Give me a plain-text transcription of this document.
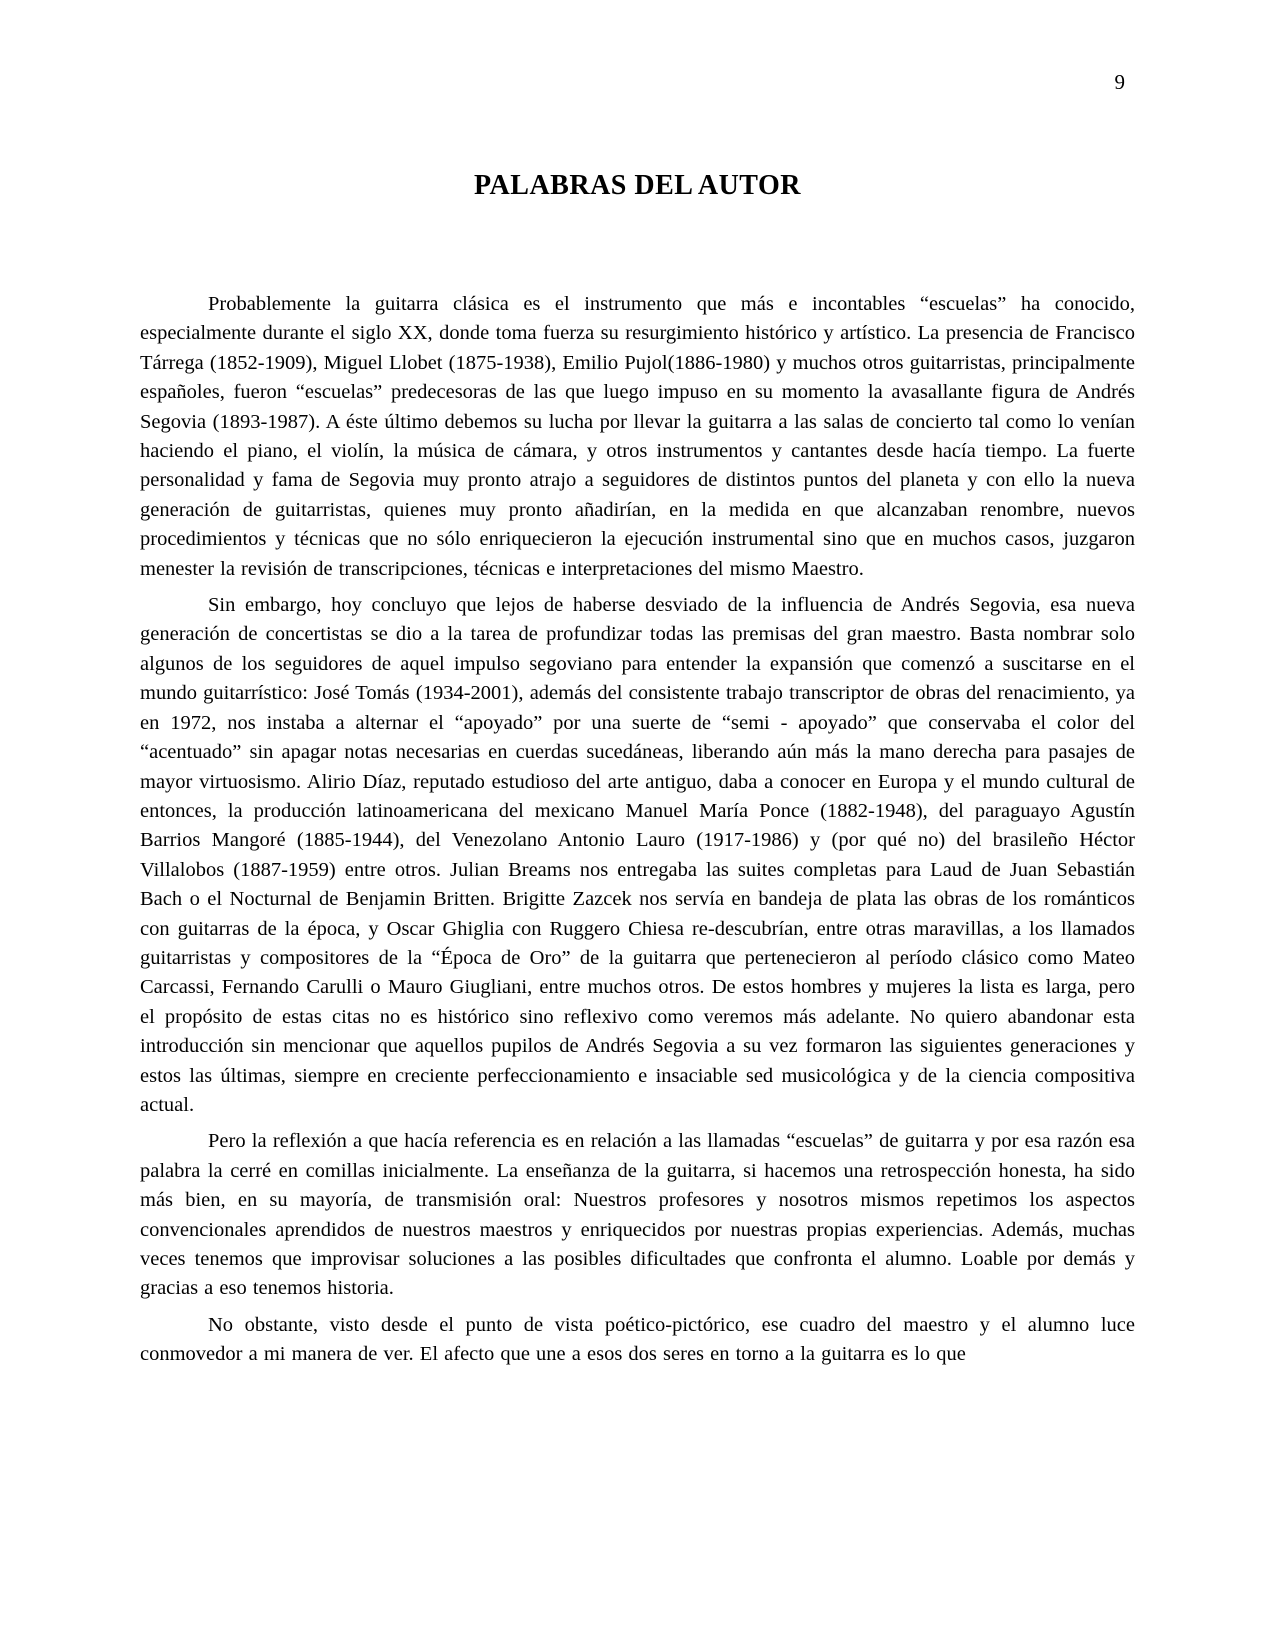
9
PALABRAS DEL AUTOR

Probablemente la guitarra clásica es el instrumento que más e incontables “escuelas” ha conocido, especialmente durante el siglo XX, donde toma fuerza su resurgimiento histórico y artístico. La presencia de Francisco Tárrega (1852-1909), Miguel Llobet (1875-1938), Emilio Pujol(1886-1980) y muchos otros guitarristas, principalmente españoles, fueron “escuelas” predecesoras de las que luego impuso en su momento la avasallante figura de Andrés Segovia (1893-1987). A éste último debemos su lucha por llevar la guitarra a las salas de concierto tal como lo venían haciendo el piano, el violín, la música de cámara, y otros instrumentos y cantantes desde hacía tiempo. La fuerte personalidad y fama de Segovia muy pronto atrajo a seguidores de distintos puntos del planeta y con ello la nueva generación de guitarristas, quienes muy pronto añadirían, en la medida en que alcanzaban renombre, nuevos procedimientos y técnicas que no sólo enriquecieron la ejecución instrumental sino que en muchos casos, juzgaron menester la revisión de transcripciones, técnicas e interpretaciones del mismo Maestro.

Sin embargo, hoy concluyo que lejos de haberse desviado de la influencia de Andrés Segovia, esa nueva generación de concertistas se dio a la tarea de profundizar todas las premisas del gran maestro. Basta nombrar solo algunos de los seguidores de aquel impulso segoviano para entender la expansión que comenzó a suscitarse en el mundo guitarrístico: José Tomás (1934-2001), además del consistente trabajo transcriptor de obras del renacimiento, ya en 1972, nos instaba a alternar el “apoyado” por una suerte de “semi - apoyado” que conservaba el color del “acentuado” sin apagar notas necesarias en cuerdas sucedáneas, liberando aún más la mano derecha para pasajes de mayor virtuosismo. Alirio Díaz, reputado estudioso del arte antiguo, daba a conocer en Europa y el mundo cultural de entonces, la producción latinoamericana del mexicano Manuel María Ponce (1882-1948), del paraguayo Agustín Barrios Mangoré (1885-1944), del Venezolano Antonio Lauro (1917-1986) y (por qué no) del brasileño Héctor Villalobos (1887-1959) entre otros. Julian Breams nos entregaba las suites completas para Laud de Juan Sebastián Bach o el Nocturnal de Benjamin Britten. Brigitte Zazcek nos servía en bandeja de plata las obras de los románticos con guitarras de la época, y Oscar Ghiglia con Ruggero Chiesa re-descubrían, entre otras maravillas, a los llamados guitarristas y compositores de la “Época de Oro” de la guitarra que pertenecieron al período clásico como Mateo Carcassi, Fernando Carulli o Mauro Giugliani, entre muchos otros. De estos hombres y mujeres la lista es larga, pero el propósito de estas citas no es histórico sino reflexivo como veremos más adelante. No quiero abandonar esta introducción sin mencionar que aquellos pupilos de Andrés Segovia a su vez formaron las siguientes generaciones y estos las últimas, siempre en creciente perfeccionamiento e insaciable sed musicológica y de la ciencia compositiva actual.

Pero la reflexión a que hacía referencia es en relación a las llamadas “escuelas” de guitarra y por esa razón esa palabra la cerré en comillas inicialmente. La enseñanza de la guitarra, si hacemos una retrospección honesta, ha sido más bien, en su mayoría, de transmisión oral: Nuestros profesores y nosotros mismos repetimos los aspectos convencionales aprendidos de nuestros maestros y enriquecidos por nuestras propias experiencias. Además, muchas veces tenemos que improvisar soluciones a las posibles dificultades que confronta el alumno. Loable por demás y gracias a eso tenemos historia.

No obstante, visto desde el punto de vista poético-pictórico, ese cuadro del maestro y el alumno luce conmovedor a mi manera de ver. El afecto que une a esos dos seres en torno a la guitarra es lo que
